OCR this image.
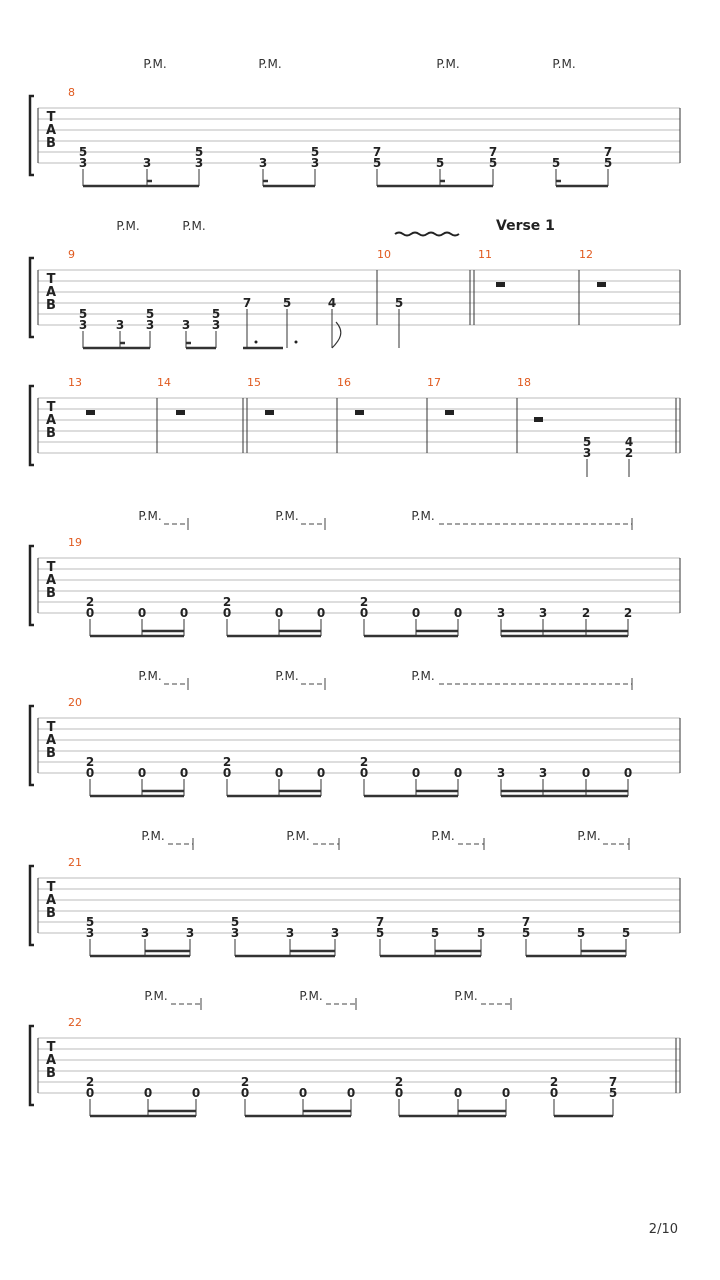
T
A
B
8
P.M.	P.M.	P.M.	P.M.
5
3	3
5
3	3
5
3
7
5	5
7
5	5
7
5
T
A
B
9	10	11	12
P.M.	P.M.
5
3 3
5
3 3
5
3
7	5	4	5
Verse 1
T
A
B
13	14	15	16	17	18
5
3
4
2
T
A
B
19
P.M.	P.M.	P.M.
2
0	0	0
2
0	0	0
2
0	0	0	3	3	2	2
T
A
B
20
P.M.	P.M.	P.M.
2
0	0	0
2
0	0	0
2
0	0	0	3	3	0	0
T
A
B
21
P.M.	P.M.	P.M.	P.M.
5
3	3	3
5
3	3	3
7
5	5	5
7
5	5	5
T
A
B
22
P.M.	P.M.	P.M.
2
0	0	0
2
0	0	0
2
0	0	0
2
0
7
5
2/10
